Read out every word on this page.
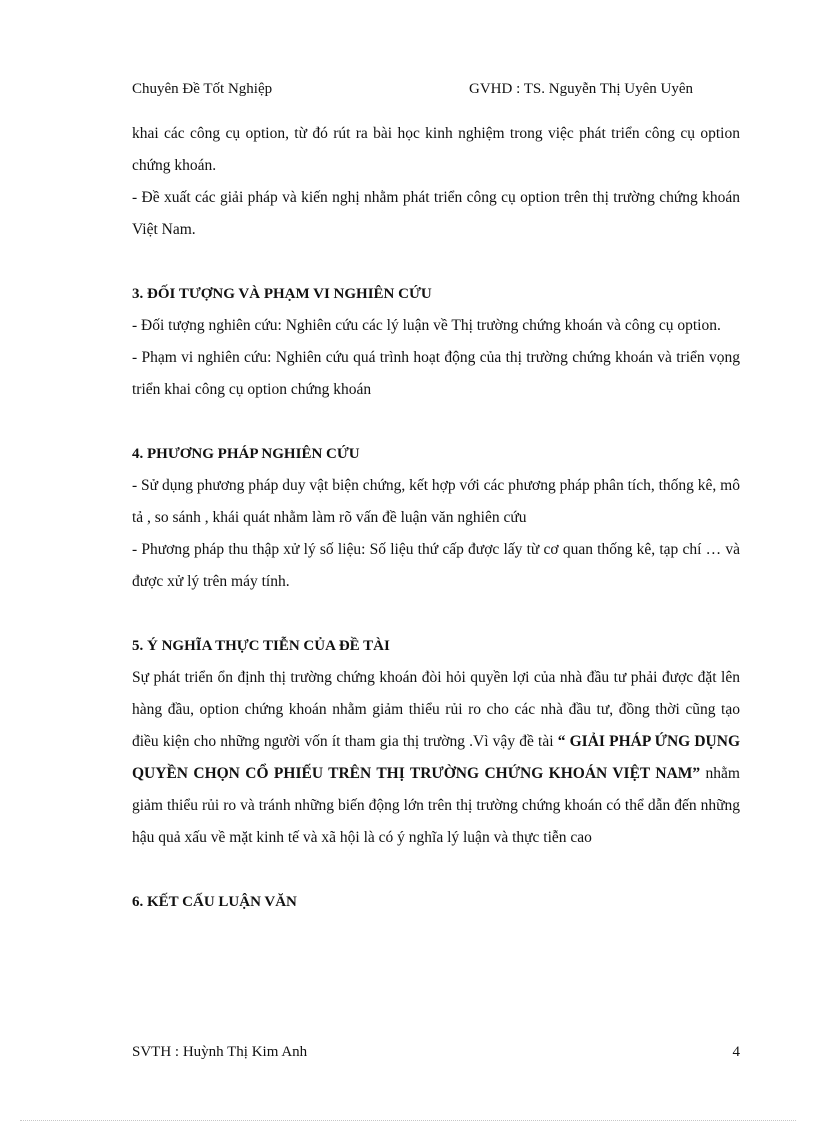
Chuyên Đề Tốt Nghiệp	GVHD : TS. Nguyễn Thị Uyên Uyên

khai các công cụ option, từ đó rút ra bài học kinh nghiệm trong việc phát triển công cụ option chứng khoán.

- Đề xuất các giải pháp và kiến nghị nhằm phát triển công cụ option trên thị trường chứng khoán Việt Nam.

3. ĐỐI TƯỢNG VÀ PHẠM VI NGHIÊN CỨU

- Đối tượng nghiên cứu: Nghiên cứu các lý luận về Thị trường chứng khoán và công cụ option.

- Phạm vi nghiên cứu: Nghiên cứu quá trình hoạt động của thị trường chứng khoán và triển vọng triển khai công cụ option chứng khoán

4. PHƯƠNG PHÁP NGHIÊN CỨU

- Sử dụng phương pháp duy vật biện chứng, kết hợp với các phương pháp phân tích, thống kê, mô tả , so sánh , khái quát nhằm làm rõ vấn đề luận văn nghiên cứu

- Phương pháp thu thập xử lý số liệu: Số liệu thứ cấp được lấy từ cơ quan thống kê, tạp chí … và được xử lý trên máy tính.

5. Ý NGHĨA THỰC TIỄN CỦA ĐỀ TÀI

Sự phát triển ổn định thị trường chứng khoán đòi hỏi quyền lợi của nhà đầu tư phải được đặt lên hàng đầu, option chứng khoán nhằm giảm thiểu rủi ro cho các nhà đầu tư, đồng thời cũng tạo điều kiện cho những người vốn ít tham gia thị trường .Vì vậy đề tài “ GIẢI PHÁP ỨNG DỤNG QUYỀN CHỌN CỔ PHIẾU TRÊN THỊ TRƯỜNG CHỨNG KHOÁN VIỆT NAM” nhằm giảm thiểu rủi ro và tránh những biến động lớn trên thị trường chứng khoán có thể dẫn đến những hậu quả xấu về mặt kinh tế và xã hội là có ý nghĩa lý luận và thực tiễn cao

6. KẾT CẤU LUẬN VĂN

SVTH : Huỳnh Thị Kim Anh	4
